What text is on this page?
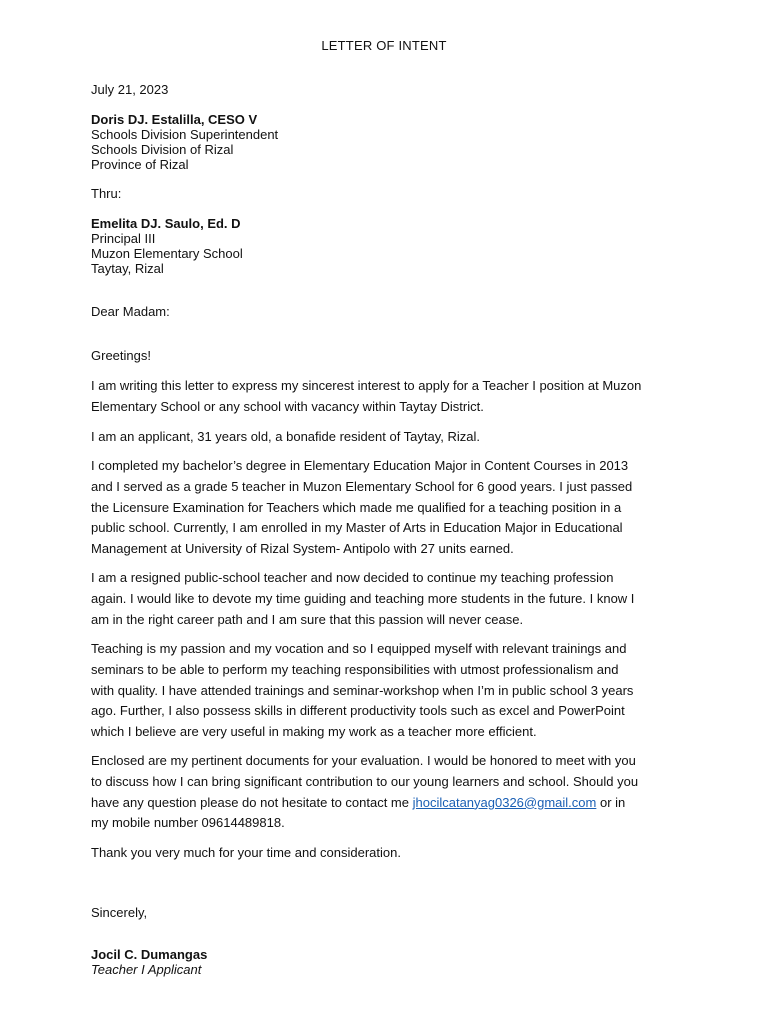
LETTER OF INTENT
July 21, 2023
Doris DJ. Estalilla, CESO V
Schools Division Superintendent
Schools Division of Rizal
Province of Rizal
Thru:
Emelita DJ. Saulo, Ed. D
Principal III
Muzon Elementary School
Taytay, Rizal
Dear Madam:
Greetings!
I am writing this letter to express my sincerest interest to apply for a Teacher I position at Muzon
Elementary School or any school with vacancy within Taytay District.
I am an applicant, 31 years old, a bonafide resident of Taytay, Rizal.
I completed my bachelor’s degree in Elementary Education Major in Content Courses in 2013
and I served as a grade 5 teacher in Muzon Elementary School for 6 good years. I just passed
the Licensure Examination for Teachers which made me qualified for a teaching position in a
public school. Currently, I am enrolled in my Master of Arts in Education Major in Educational
Management at University of Rizal System- Antipolo with 27 units earned.
I am a resigned public-school teacher and now decided to continue my teaching profession
again. I would like to devote my time guiding and teaching more students in the future. I know I
am in the right career path and I am sure that this passion will never cease.
Teaching is my passion and my vocation and so I equipped myself with relevant trainings and
seminars to be able to perform my teaching responsibilities with utmost professionalism and
with quality. I have attended trainings and seminar-workshop when I’m in public school 3 years
ago. Further, I also possess skills in different productivity tools such as excel and PowerPoint
which I believe are very useful in making my work as a teacher more efficient.
Enclosed are my pertinent documents for your evaluation. I would be honored to meet with you
to discuss how I can bring significant contribution to our young learners and school. Should you
have any question please do not hesitate to contact me jhocilcatanyag0326@gmail.com or in
my mobile number 09614489818.
Thank you very much for your time and consideration.
Sincerely,
Jocil C. Dumangas
Teacher I Applicant
